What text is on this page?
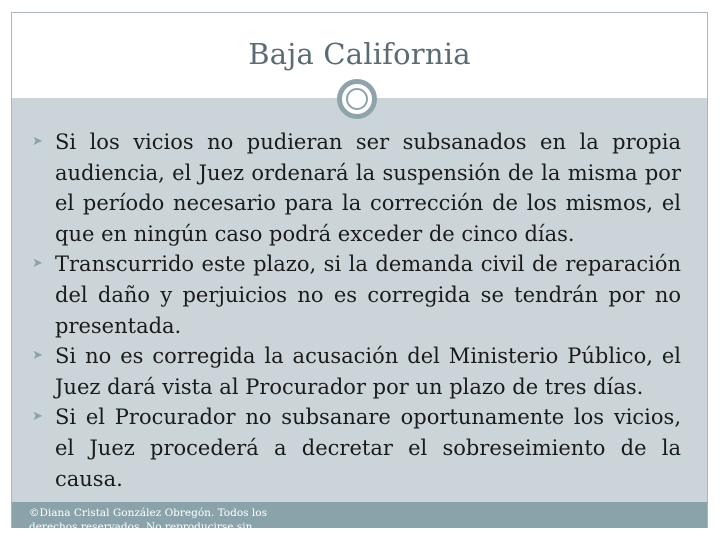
Baja California
➤ Si los vicios no pudieran ser subsanados en la propia audiencia, el Juez ordenará la suspensión de la misma por el período necesario para la corrección de los mismos, el que en ningún caso podrá exceder de cinco días.
➤ Transcurrido este plazo, si la demanda civil de reparación del daño y perjuicios no es corregida se tendrán por no presentada.
➤ Si no es corregida la acusación del Ministerio Público, el Juez dará vista al Procurador por un plazo de tres días.
➤ Si el Procurador no subsanare oportunamente los vicios, el Juez procederá a decretar el sobreseimiento de la causa.
©Diana Cristal González Obregón. Todos los derechos reservados. No reproducirse sin permiso.
